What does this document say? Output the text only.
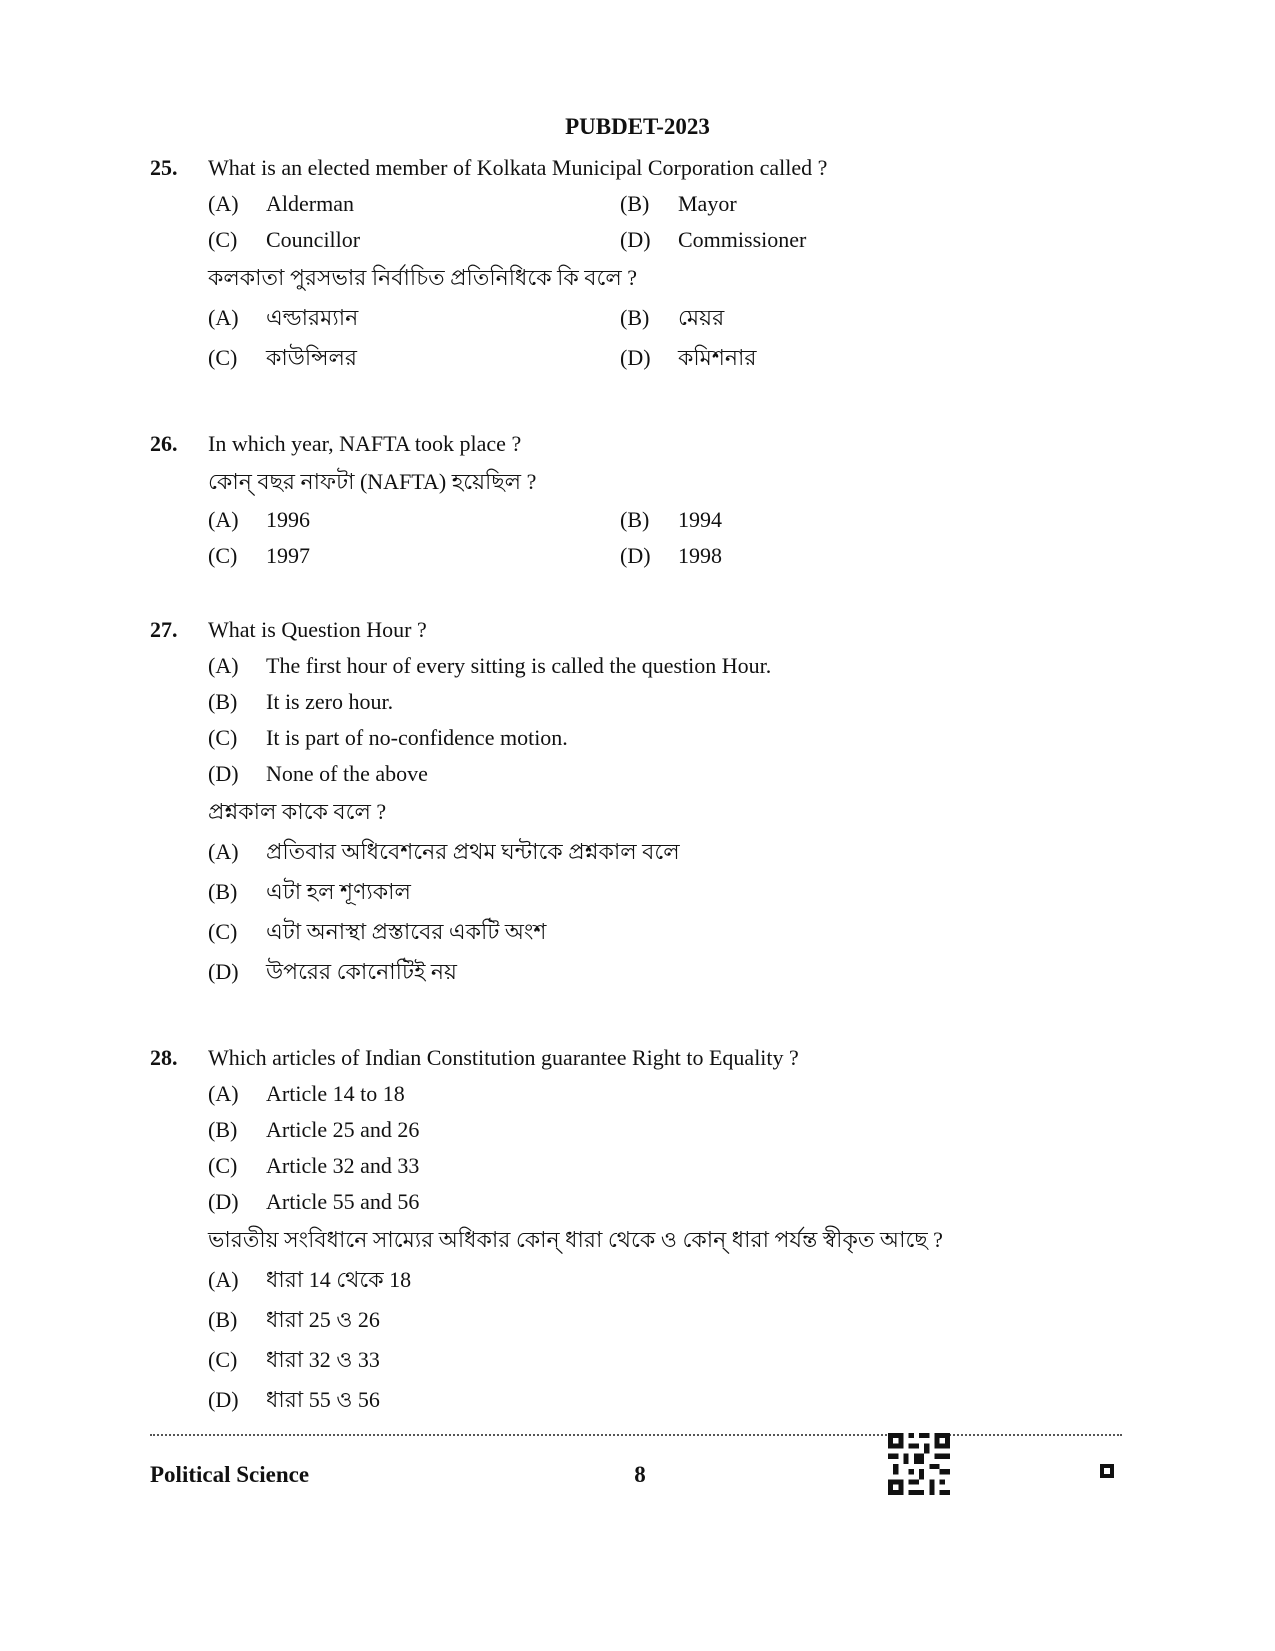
PUBDET-2023
25. What is an elected member of Kolkata Municipal Corporation called ?
(A) Alderman	(B) Mayor
(C) Councillor	(D) Commissioner
কলকাতা পুরসভার নির্বাচিত প্রতিনিধিকে কি বলে ?
(A) এল্ডারম্যান	(B) মেয়র
(C) কাউন্সিলর	(D) কমিশনার
26. In which year, NAFTA took place ?
কোন্ বছর নাফটা (NAFTA) হয়েছিল ?
(A) 1996	(B) 1994
(C) 1997	(D) 1998
27. What is Question Hour ?
(A) The first hour of every sitting is called the question Hour.
(B) It is zero hour.
(C) It is part of no-confidence motion.
(D) None of the above
প্রশ্নকাল কাকে বলে ?
(A) প্রতিবার অধিবেশনের প্রথম ঘন্টাকে প্রশ্নকাল বলে
(B) এটা হল শূণ্যকাল
(C) এটা অনাস্থা প্রস্তাবের একটি অংশ
(D) উপরের কোনোটিই নয়
28. Which articles of Indian Constitution guarantee Right to Equality ?
(A) Article 14 to 18
(B) Article 25 and 26
(C) Article 32 and 33
(D) Article 55 and 56
ভারতীয় সংবিধানে সাম্যের অধিকার কোন্ ধারা থেকে ও কোন্ ধারা পর্যন্ত স্বীকৃত আছে ?
(A) ধারা 14 থেকে 18
(B) ধারা 25 ও 26
(C) ধারা 32 ও 33
(D) ধারা 55 ও 56
Political Science	8
